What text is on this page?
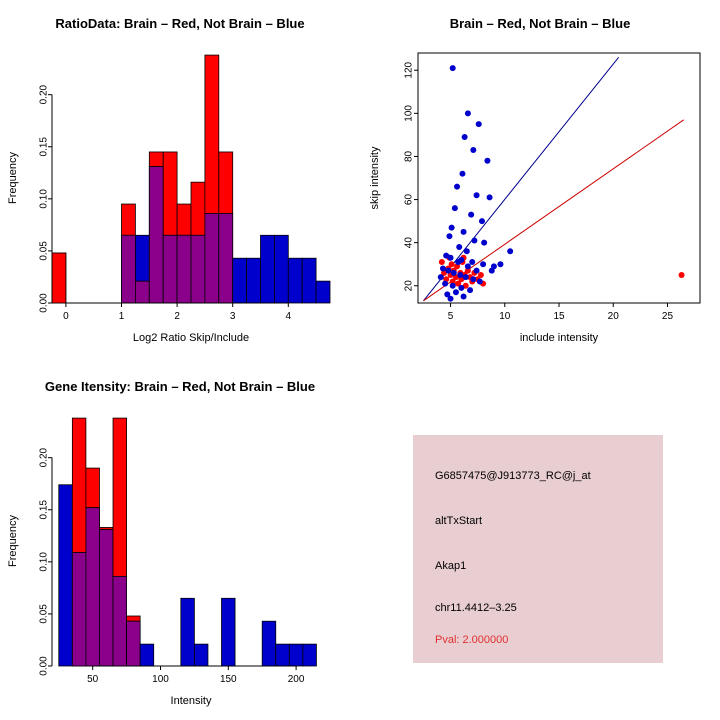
RatioData: Brain – Red, Not Brain – Blue
0	1	2	3	4
0.00
0.05
0.10
0.15
0.20
Log2 Ratio Skip/Include
Frequency
Brain – Red, Not Brain – Blue
5	10	15	20	25
20
40
60
80
100
120
include intensity
skip intensity
Gene Itensity: Brain – Red, Not Brain – Blue
50	100	150	200
0.00
0.05
0.10
0.15
0.20
Intensity
Frequency
G6857475@J913773_RC@j_at
altTxStart
Akap1
chr11.4412–3.25
Pval: 2.000000
